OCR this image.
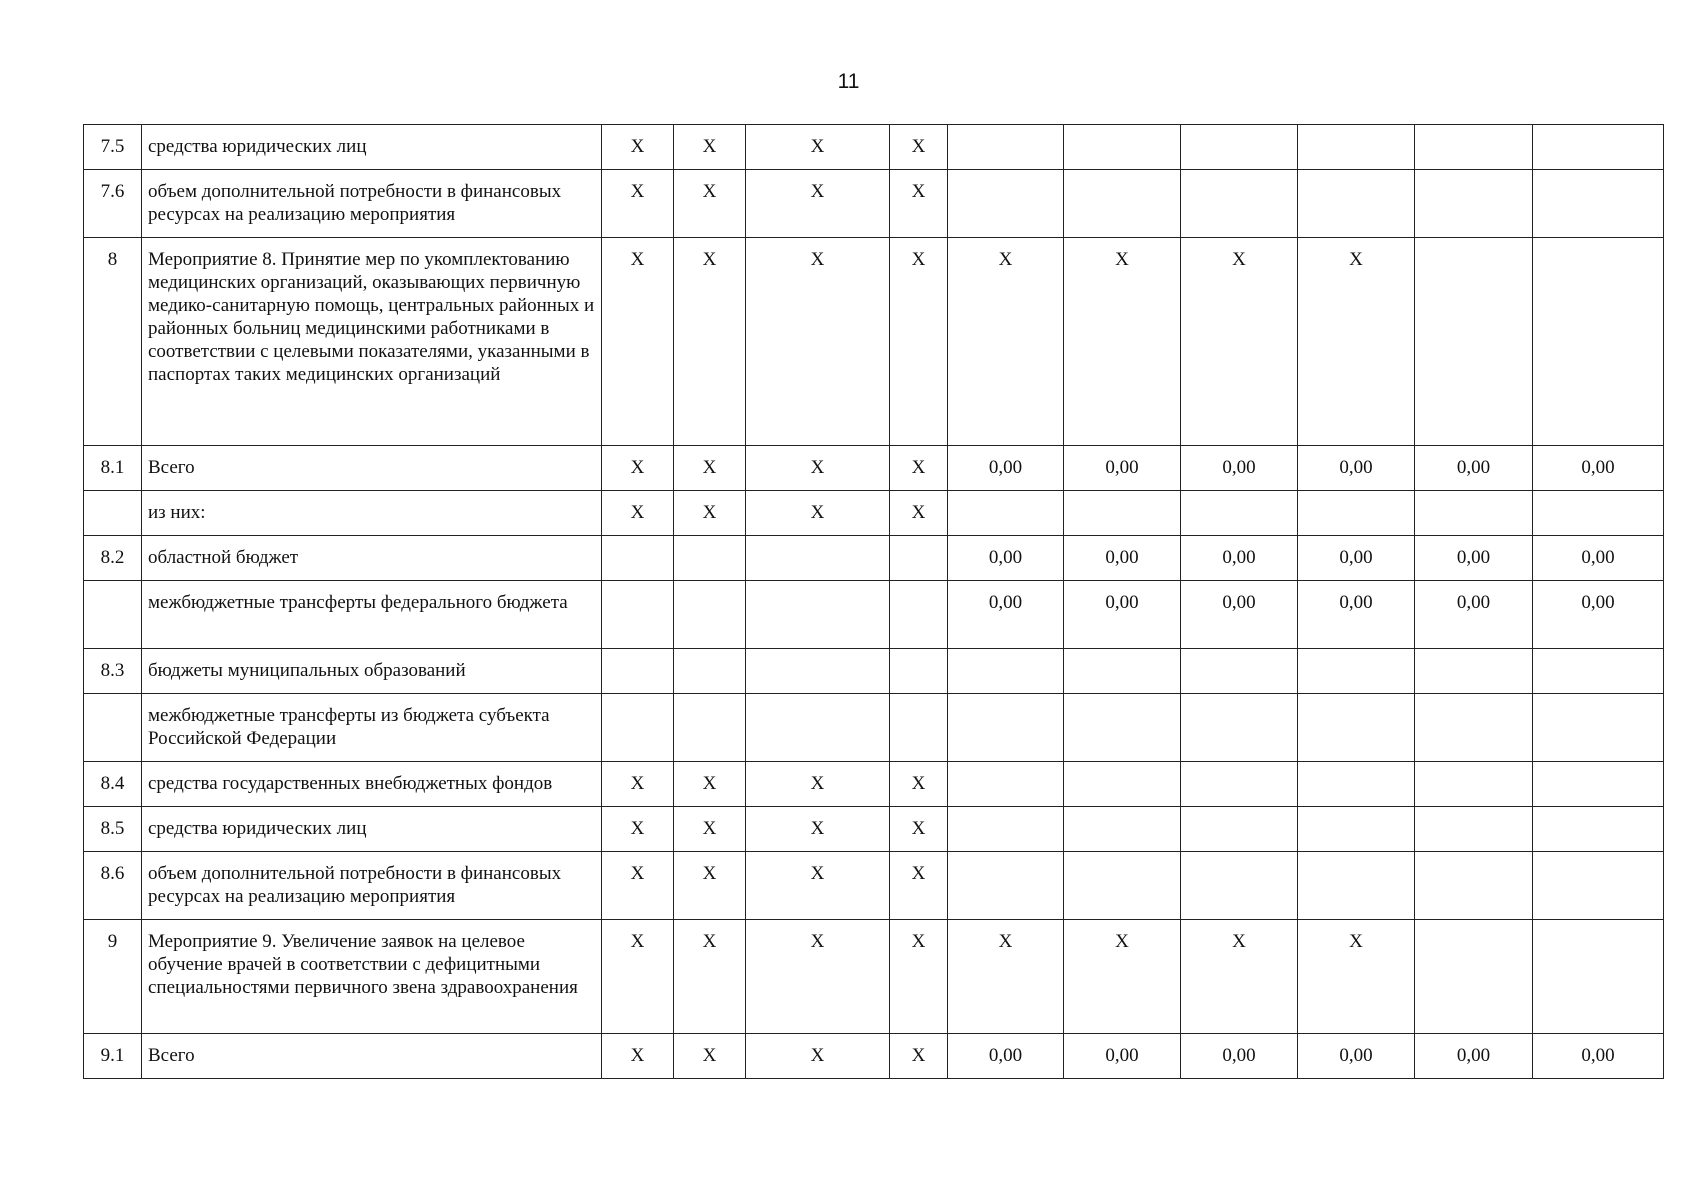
11
7.5	средства юридических лиц	X	X	X	X						
7.6	объем дополнительной потребности в финансовых ресурсах на реализацию мероприятия	X	X	X	X						
8	Мероприятие 8. Принятие мер по укомплектованию медицинских организаций, оказывающих первичную медико-санитарную помощь, центральных районных и районных больниц медицинскими работниками в соответствии с целевыми показателями, указанными в паспортах таких медицинских организаций	X	X	X	X	X	X	X	X		
8.1	Всего	X	X	X	X	0,00	0,00	0,00	0,00	0,00	0,00
	из них:	X	X	X	X						
8.2	областной бюджет					0,00	0,00	0,00	0,00	0,00	0,00
	межбюджетные трансферты федерального бюджета					0,00	0,00	0,00	0,00	0,00	0,00
8.3	бюджеты муниципальных образований										
	межбюджетные трансферты из бюджета субъекта Российской Федерации										
8.4	средства государственных внебюджетных фондов	X	X	X	X						
8.5	средства юридических лиц	X	X	X	X						
8.6	объем дополнительной потребности в финансовых ресурсах на реализацию мероприятия	X	X	X	X						
9	Мероприятие 9. Увеличение заявок на целевое обучение врачей в соответствии с дефицитными специальностями первичного звена здравоохранения	X	X	X	X	X	X	X	X		
9.1	Всего	X	X	X	X	0,00	0,00	0,00	0,00	0,00	0,00
